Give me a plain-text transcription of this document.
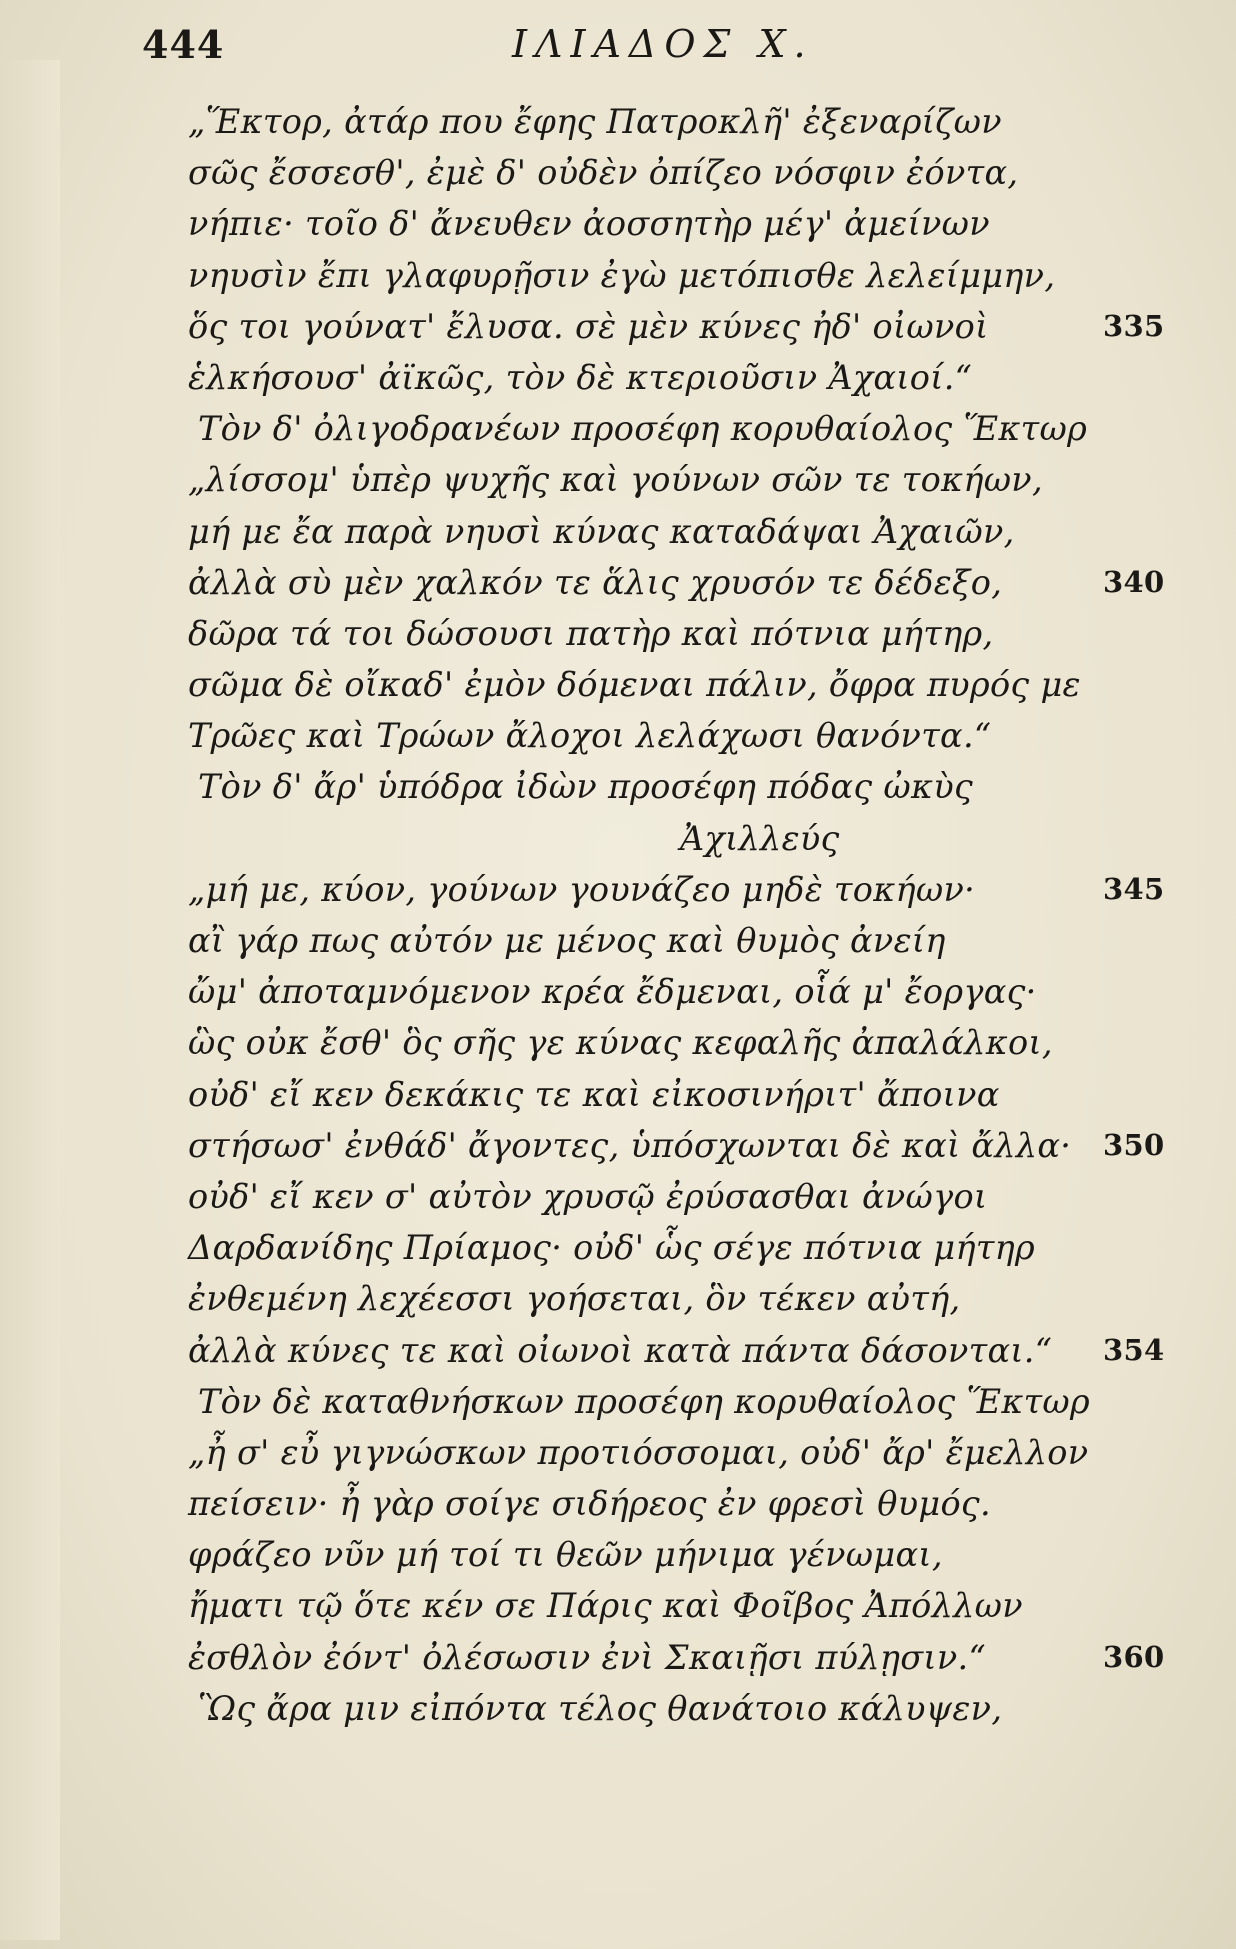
444	ΙΛΙΑΔΟΣ Χ.
„Ἕκτορ, ἀτάρ που ἔφης Πατροκλῆ' ἐξεναρίζων
σῶς ἔσσεσθ', ἐμὲ δ' οὐδὲν ὀπίζεο νόσφιν ἐόντα,
νήπιε· τοῖο δ' ἄνευθεν ἀοσσητὴρ μέγ' ἀμείνων
νηυσὶν ἔπι γλαφυρῇσιν ἐγὼ μετόπισθε λελείμμην,
ὅς τοι γούνατ' ἔλυσα. σὲ μὲν κύνες ἠδ' οἰωνοὶ	335
ἑλκήσουσ' ἀϊκῶς, τὸν δὲ κτεριοῦσιν Ἀχαιοί.“
Τὸν δ' ὀλιγοδρανέων προσέφη κορυθαίολος Ἕκτωρ
„λίσσομ' ὑπὲρ ψυχῆς καὶ γούνων σῶν τε τοκήων,
μή με ἔα παρὰ νηυσὶ κύνας καταδάψαι Ἀχαιῶν,
ἀλλὰ σὺ μὲν χαλκόν τε ἅλις χρυσόν τε δέδεξο,	340
δῶρα τά τοι δώσουσι πατὴρ καὶ πότνια μήτηρ,
σῶμα δὲ οἴκαδ' ἐμὸν δόμεναι πάλιν, ὄφρα πυρός με
Τρῶες καὶ Τρώων ἄλοχοι λελάχωσι θανόντα.“
Τὸν δ' ἄρ' ὑπόδρα ἰδὼν προσέφη πόδας ὠκὺς
Ἀχιλλεύς
„μή με, κύον, γούνων γουνάζεο μηδὲ τοκήων·	345
αἲ γάρ πως αὐτόν με μένος καὶ θυμὸς ἀνείη
ὤμ' ἀποταμνόμενον κρέα ἔδμεναι, οἷά μ' ἔοργας·
ὣς οὐκ ἔσθ' ὃς σῆς γε κύνας κεφαλῆς ἀπαλάλκοι,
οὐδ' εἴ κεν δεκάκις τε καὶ εἰκοσινήριτ' ἄποινα
στήσωσ' ἐνθάδ' ἄγοντες, ὑπόσχωνται δὲ καὶ ἄλλα· 350
οὐδ' εἴ κεν σ' αὐτὸν χρυσῷ ἐρύσασθαι ἀνώγοι
Δαρδανίδης Πρίαμος· οὐδ' ὧς σέγε πότνια μήτηρ
ἐνθεμένη λεχέεσσι γοήσεται, ὃν τέκεν αὐτή,
ἀλλὰ κύνες τε καὶ οἰωνοὶ κατὰ πάντα δάσονται.“ 354
Τὸν δὲ καταθνήσκων προσέφη κορυθαίολος Ἕκτωρ
„ἦ σ' εὖ γιγνώσκων προτιόσσομαι, οὐδ' ἄρ' ἔμελλον
πείσειν· ἦ γὰρ σοίγε σιδήρεος ἐν φρεσὶ θυμός.
φράζεο νῦν μή τοί τι θεῶν μήνιμα γένωμαι,
ἤματι τῷ ὅτε κέν σε Πάρις καὶ Φοῖβος Ἀπόλλων
ἐσθλὸν ἐόντ' ὀλέσωσιν ἐνὶ Σκαιῇσι πύλῃσιν.“	360
Ὣς ἄρα μιν εἰπόντα τέλος θανάτοιο κάλυψεν,
